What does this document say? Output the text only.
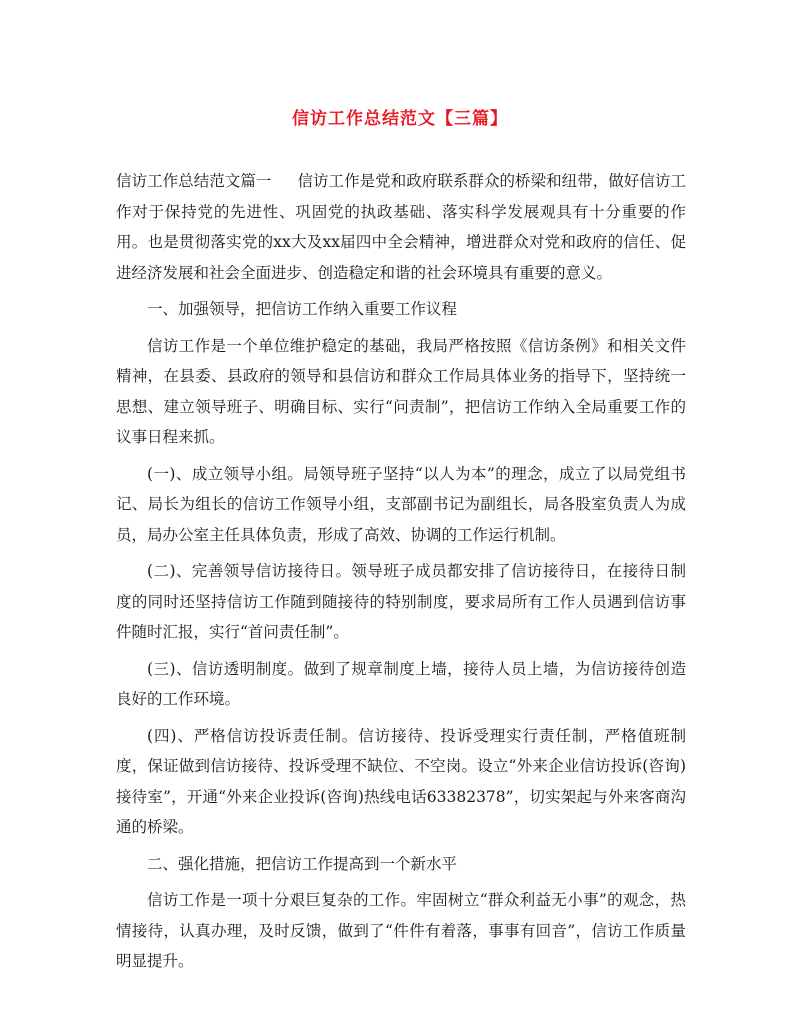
信访工作总结范文【三篇】

信访工作总结范文篇一 信访工作是党和政府联系群众的桥梁和纽带，做好信访工作对于保持党的先进性、巩固党的执政基础、落实科学发展观具有十分重要的作用。也是贯彻落实党的xx大及xx届四中全会精神，增进群众对党和政府的信任、促进经济发展和社会全面进步、创造稳定和谐的社会环境具有重要的意义。

一、加强领导，把信访工作纳入重要工作议程

信访工作是一个单位维护稳定的基础，我局严格按照《信访条例》和相关文件精神，在县委、县政府的领导和县信访和群众工作局具体业务的指导下，坚持统一思想、建立领导班子、明确目标、实行“问责制”，把信访工作纳入全局重要工作的议事日程来抓。

(一)、成立领导小组。局领导班子坚持“以人为本”的理念，成立了以局党组书记、局长为组长的信访工作领导小组，支部副书记为副组长，局各股室负责人为成员，局办公室主任具体负责，形成了高效、协调的工作运行机制。

(二)、完善领导信访接待日。领导班子成员都安排了信访接待日，在接待日制度的同时还坚持信访工作随到随接待的特别制度，要求局所有工作人员遇到信访事件随时汇报，实行“首问责任制”。

(三)、信访透明制度。做到了规章制度上墙，接待人员上墙，为信访接待创造良好的工作环境。

(四)、严格信访投诉责任制。信访接待、投诉受理实行责任制，严格值班制度，保证做到信访接待、投诉受理不缺位、不空岗。设立“外来企业信访投诉(咨询)接待室”，开通“外来企业投诉(咨询)热线电话63382378”，切实架起与外来客商沟通的桥梁。

二、强化措施，把信访工作提高到一个新水平

信访工作是一项十分艰巨复杂的工作。牢固树立“群众利益无小事”的观念，热情接待，认真办理，及时反馈，做到了“件件有着落，事事有回音”，信访工作质量明显提升。
